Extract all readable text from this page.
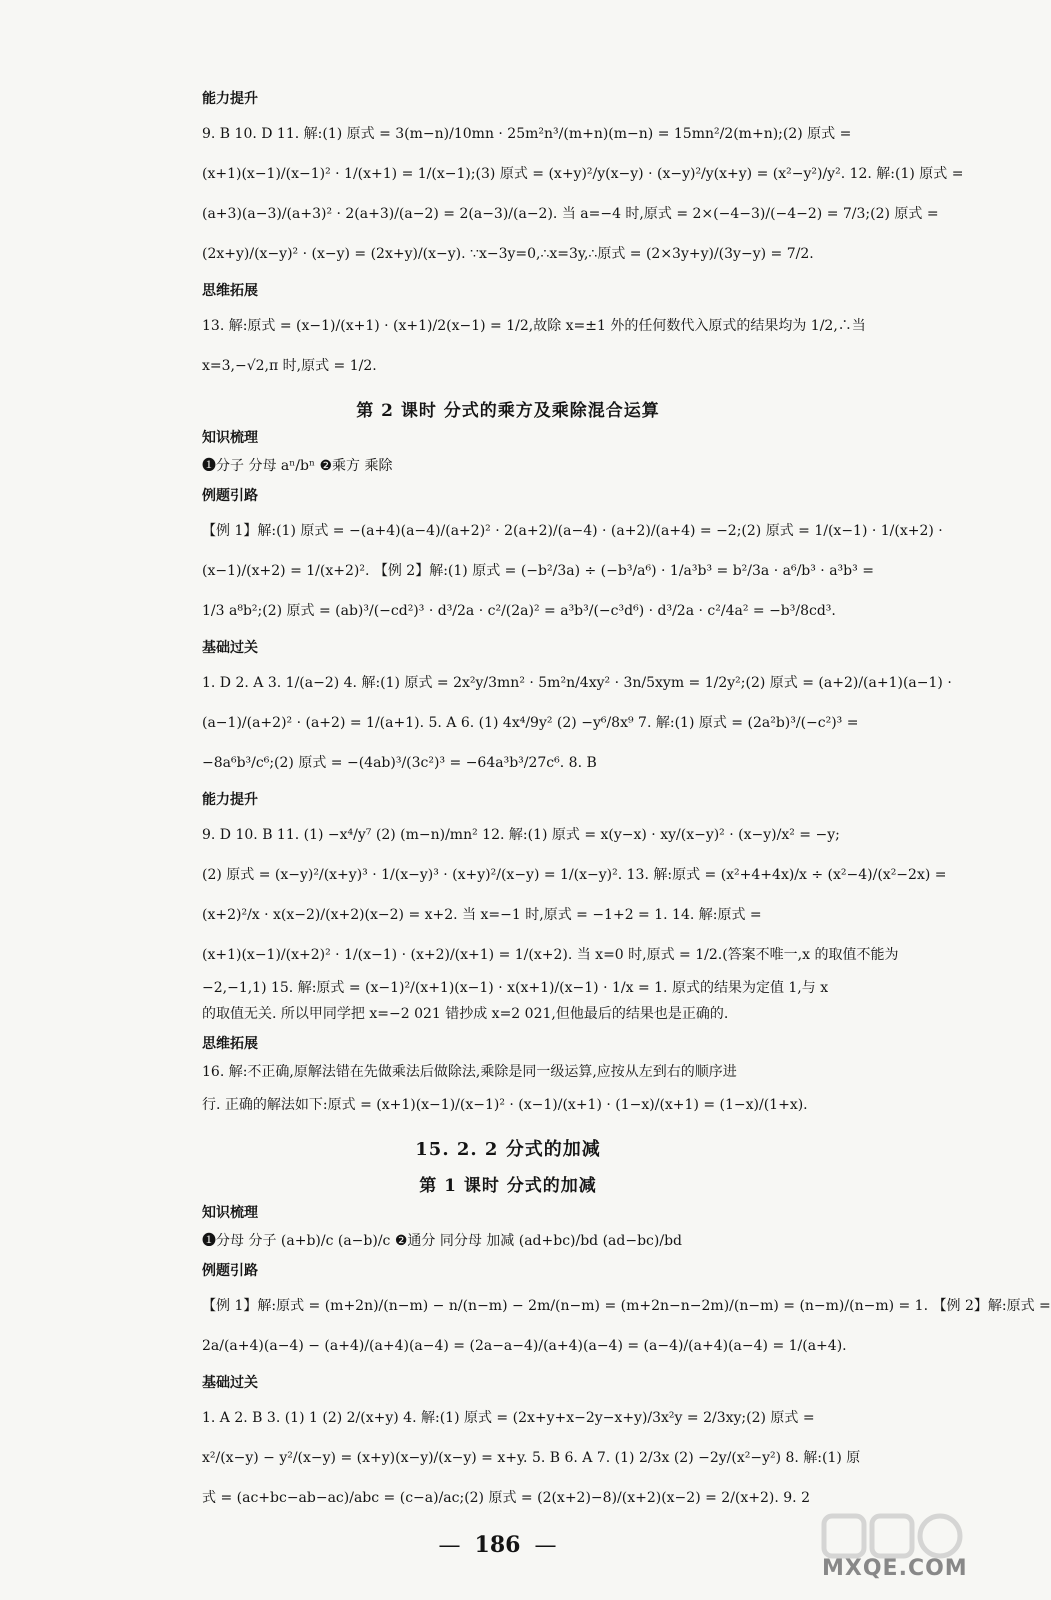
能力提升
9. B 10. D 11. 解:(1) 原式 = 3(m−n)/10mn · 25m²n³/(m+n)(m−n) = 15mn²/2(m+n);(2) 原式 =
(x+1)(x−1)/(x−1)² · 1/(x+1) = 1/(x−1);(3) 原式 = (x+y)²/y(x−y) · (x−y)²/y(x+y) = (x²−y²)/y². 12. 解:(1) 原式 =
(a+3)(a−3)/(a+3)² · 2(a+3)/(a−2) = 2(a−3)/(a−2). 当 a=−4 时,原式 = 2×(−4−3)/(−4−2) = 7/3;(2) 原式 =
(2x+y)/(x−y)² · (x−y) = (2x+y)/(x−y). ∵x−3y=0,∴x=3y,∴原式 = (2×3y+y)/(3y−y) = 7/2.
思维拓展
13. 解:原式 = (x−1)/(x+1) · (x+1)/2(x−1) = 1/2,故除 x=±1 外的任何数代入原式的结果均为 1/2,∴当
x=3,−√2,π 时,原式 = 1/2.
第 2 课时 分式的乘方及乘除混合运算
知识梳理
❶分子 分母 aⁿ/bⁿ ❷乘方 乘除
例题引路
【例 1】解:(1) 原式 = −(a+4)(a−4)/(a+2)² · 2(a+2)/(a−4) · (a+2)/(a+4) = −2;(2) 原式 = 1/(x−1) · 1/(x+2) ·
(x−1)/(x+2) = 1/(x+2)². 【例 2】解:(1) 原式 = (−b²/3a) ÷ (−b³/a⁶) · 1/a³b³ = b²/3a · a⁶/b³ · a³b³ =
1/3 a⁸b²;(2) 原式 = (ab)³/(−cd²)³ · d³/2a · c²/(2a)² = a³b³/(−c³d⁶) · d³/2a · c²/4a² = −b³/8cd³.
基础过关
1. D 2. A 3. 1/(a−2) 4. 解:(1) 原式 = 2x²y/3mn² · 5m²n/4xy² · 3n/5xym = 1/2y²;(2) 原式 = (a+2)/(a+1)(a−1) ·
(a−1)/(a+2)² · (a+2) = 1/(a+1). 5. A 6. (1) 4x⁴/9y² (2) −y⁶/8x⁹ 7. 解:(1) 原式 = (2a²b)³/(−c²)³ =
−8a⁶b³/c⁶;(2) 原式 = −(4ab)³/(3c²)³ = −64a³b³/27c⁶. 8. B
能力提升
9. D 10. B 11. (1) −x⁴/y⁷ (2) (m−n)/mn² 12. 解:(1) 原式 = x(y−x) · xy/(x−y)² · (x−y)/x² = −y;
(2) 原式 = (x−y)²/(x+y)³ · 1/(x−y)³ · (x+y)²/(x−y) = 1/(x−y)². 13. 解:原式 = (x²+4+4x)/x ÷ (x²−4)/(x²−2x) =
(x+2)²/x · x(x−2)/(x+2)(x−2) = x+2. 当 x=−1 时,原式 = −1+2 = 1. 14. 解:原式 =
(x+1)(x−1)/(x+2)² · 1/(x−1) · (x+2)/(x+1) = 1/(x+2). 当 x=0 时,原式 = 1/2.(答案不唯一,x 的取值不能为
−2,−1,1) 15. 解:原式 = (x−1)²/(x+1)(x−1) · x(x+1)/(x−1) · 1/x = 1. 原式的结果为定值 1,与 x
的取值无关. 所以甲同学把 x=−2 021 错抄成 x=2 021,但他最后的结果也是正确的.
思维拓展
16. 解:不正确,原解法错在先做乘法后做除法,乘除是同一级运算,应按从左到右的顺序进
行. 正确的解法如下:原式 = (x+1)(x−1)/(x−1)² · (x−1)/(x+1) · (1−x)/(x+1) = (1−x)/(1+x).
15. 2. 2 分式的加减
第 1 课时 分式的加减
知识梳理
❶分母 分子 (a+b)/c (a−b)/c ❷通分 同分母 加减 (ad+bc)/bd (ad−bc)/bd
例题引路
【例 1】解:原式 = (m+2n)/(n−m) − n/(n−m) − 2m/(n−m) = (m+2n−n−2m)/(n−m) = (n−m)/(n−m) = 1. 【例 2】解:原式 =
2a/(a+4)(a−4) − (a+4)/(a+4)(a−4) = (2a−a−4)/(a+4)(a−4) = (a−4)/(a+4)(a−4) = 1/(a+4).
基础过关
1. A 2. B 3. (1) 1 (2) 2/(x+y) 4. 解:(1) 原式 = (2x+y+x−2y−x+y)/3x²y = 2/3xy;(2) 原式 =
x²/(x−y) − y²/(x−y) = (x+y)(x−y)/(x−y) = x+y. 5. B 6. A 7. (1) 2/3x (2) −2y/(x²−y²) 8. 解:(1) 原
式 = (ac+bc−ab−ac)/abc = (c−a)/ac;(2) 原式 = (2(x+2)−8)/(x+2)(x−2) = 2/(x+2). 9. 2
— 186 —
MXQE.COM
